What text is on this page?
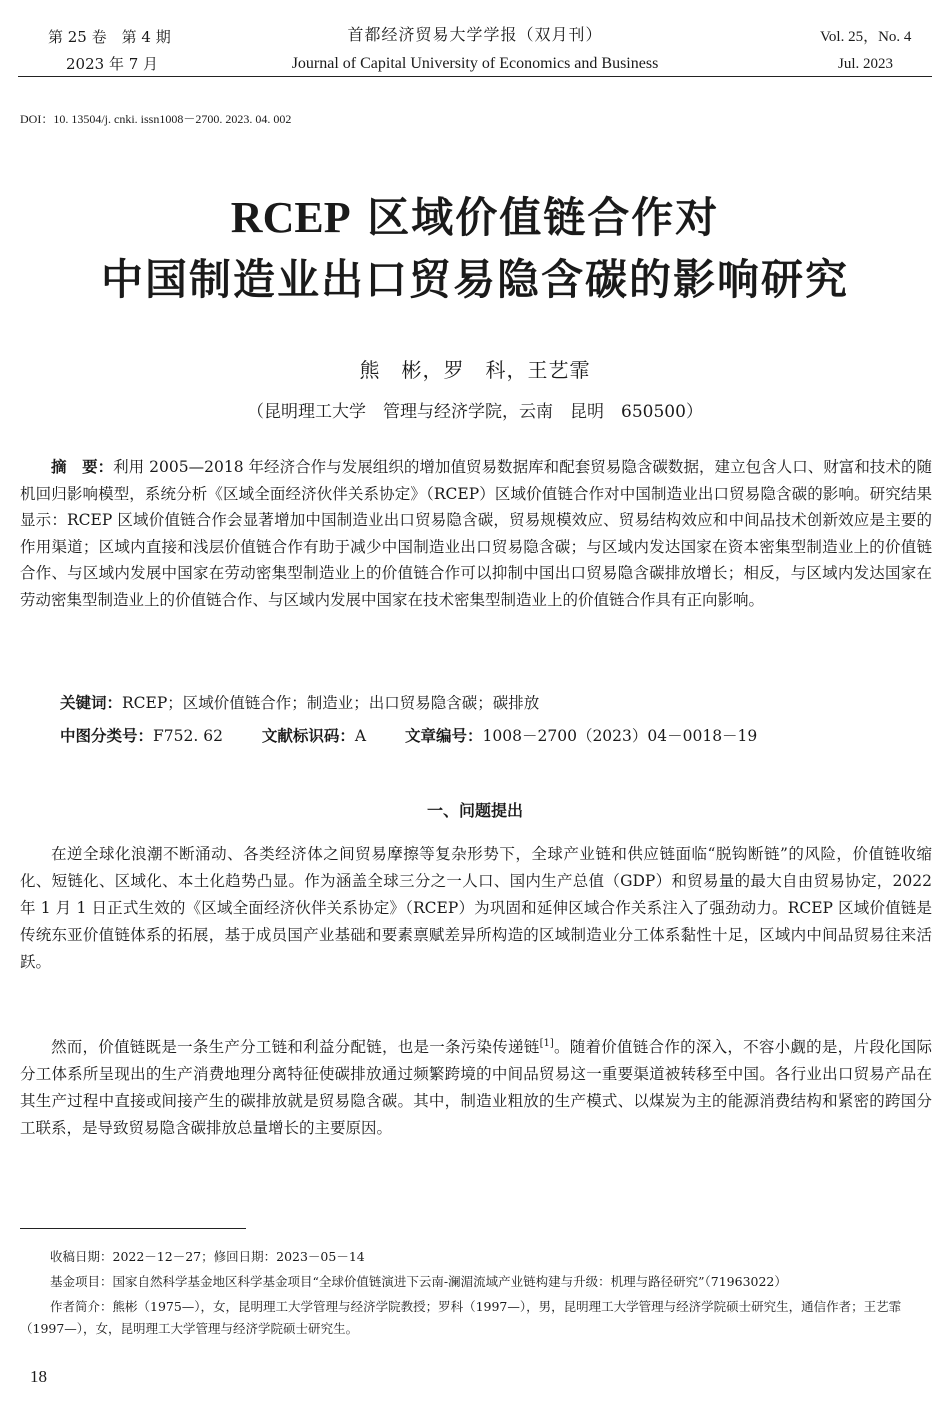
第 25 卷　第 4 期
2023 年 7 月
首都经济贸易大学学报（双月刊）
Journal of Capital University of Economics and Business
Vol. 25，No. 4
Jul. 2023
DOI：10. 13504/j. cnki. issn1008－2700. 2023. 04. 002
RCEP 区域价值链合作对
中国制造业出口贸易隐含碳的影响研究
熊　彬，罗　科，王艺霏
（昆明理工大学　管理与经济学院，云南　昆明　650500）
摘　要：利用 2005—2018 年经济合作与发展组织的增加值贸易数据库和配套贸易隐含碳数据，建立包含人口、财富和技术的随机回归影响模型，系统分析《区域全面经济伙伴关系协定》（RCEP）区域价值链合作对中国制造业出口贸易隐含碳的影响。研究结果显示：RCEP 区域价值链合作会显著增加中国制造业出口贸易隐含碳，贸易规模效应、贸易结构效应和中间品技术创新效应是主要的作用渠道；区域内直接和浅层价值链合作有助于减少中国制造业出口贸易隐含碳；与区域内发达国家在资本密集型制造业上的价值链合作、与区域内发展中国家在劳动密集型制造业上的价值链合作可以抑制中国出口贸易隐含碳排放增长；相反，与区域内发达国家在劳动密集型制造业上的价值链合作、与区域内发展中国家在技术密集型制造业上的价值链合作具有正向影响。
关键词：RCEP；区域价值链合作；制造业；出口贸易隐含碳；碳排放
中图分类号：F752. 62	文献标识码：A	文章编号：1008－2700（2023）04－0018－19
一、问题提出

在逆全球化浪潮不断涌动、各类经济体之间贸易摩擦等复杂形势下，全球产业链和供应链面临“脱钩断链”的风险，价值链收缩化、短链化、区域化、本土化趋势凸显。作为涵盖全球三分之一人口、国内生产总值（GDP）和贸易量的最大自由贸易协定，2022 年 1 月 1 日正式生效的《区域全面经济伙伴关系协定》（RCEP）为巩固和延伸区域合作关系注入了强劲动力。RCEP 区域价值链是传统东亚价值链体系的拓展，基于成员国产业基础和要素禀赋差异所构造的区域制造业分工体系黏性十足，区域内中间品贸易往来活跃。

然而，价值链既是一条生产分工链和利益分配链，也是一条污染传递链[1]。随着价值链合作的深入，不容小觑的是，片段化国际分工体系所呈现出的生产消费地理分离特征使碳排放通过频繁跨境的中间品贸易这一重要渠道被转移至中国。各行业出口贸易产品在其生产过程中直接或间接产生的碳排放就是贸易隐含碳。其中，制造业粗放的生产模式、以煤炭为主的能源消费结构和紧密的跨国分工联系，是导致贸易隐含碳排放总量增长的主要原因。

收稿日期：2022－12－27；修回日期：2023－05－14

基金项目：国家自然科学基金地区科学基金项目“全球价值链演进下云南-澜湄流域产业链构建与升级：机理与路径研究”（71963022）

作者简介：熊彬（1975—），女，昆明理工大学管理与经济学院教授；罗科（1997—），男，昆明理工大学管理与经济学院硕士研究生，通信作者；王艺霏（1997—），女，昆明理工大学管理与经济学院硕士研究生。

18
